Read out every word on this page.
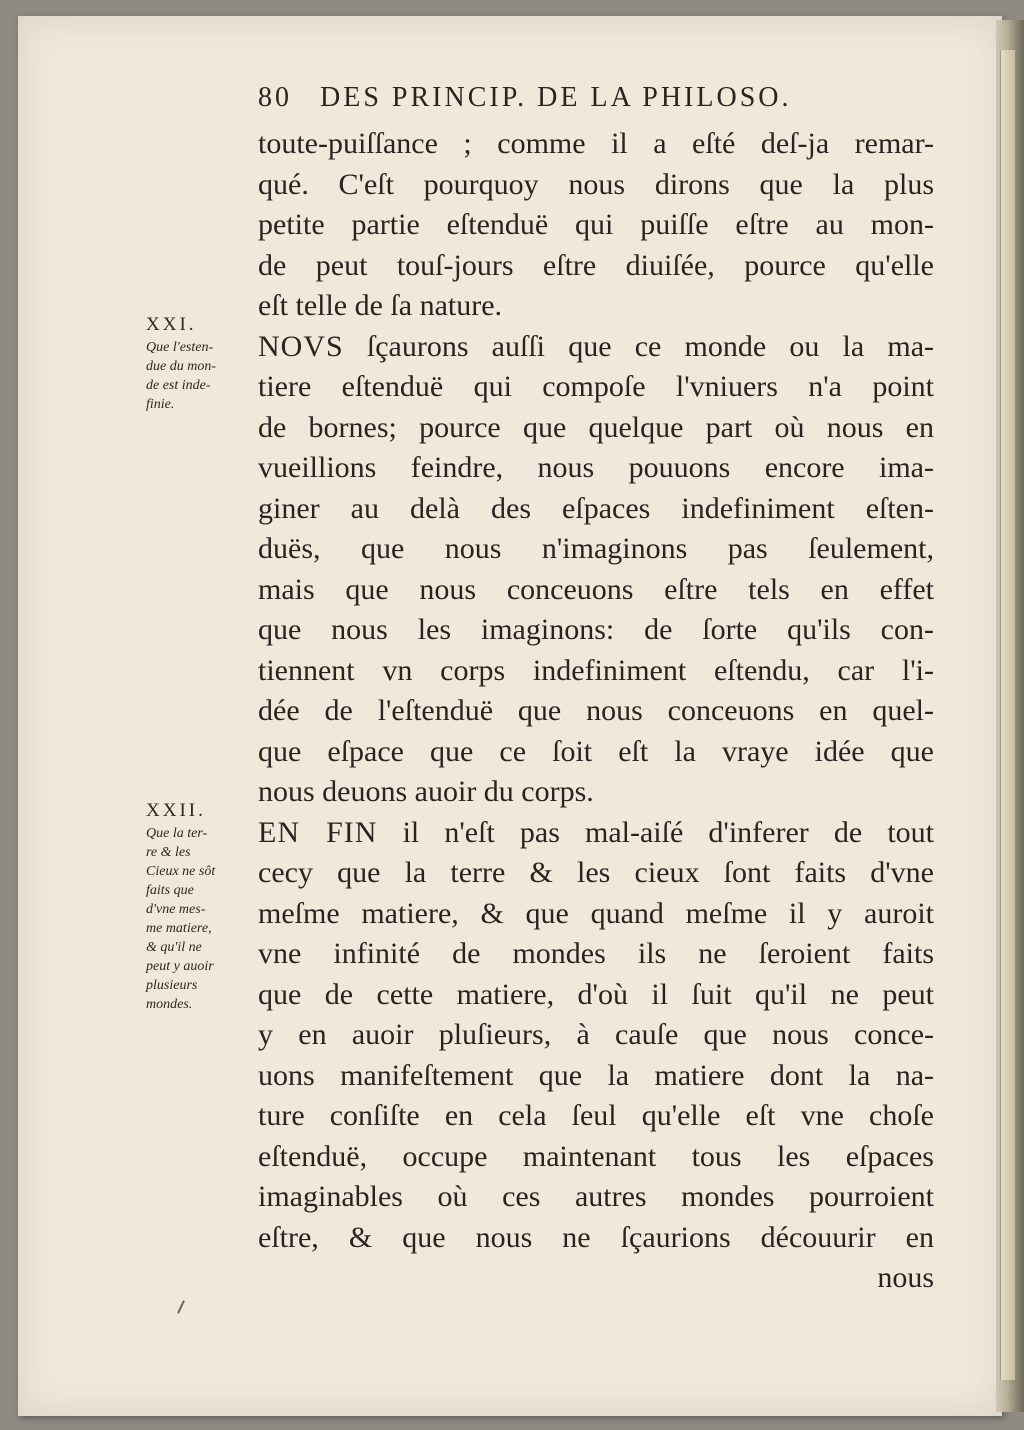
80 DES PRINCIP. DE LA PHILOSO.
XXI.
Que l'esten-
due du mon-
de est inde-
finie.
XXII.
Que la ter-
re & les
Cieux ne sôt
faits que
d'vne mes-
me matiere,
& qu'il ne
peut y auoir
plusieurs
mondes.
toute-puiſſance ; comme il a eſté deſ-ja remar-
qué. C'eſt pourquoy nous dirons que la plus
petite partie eſtenduë qui puiſſe eſtre au mon-
de peut touſ-jours eſtre diuiſée, pource qu'elle
eſt telle de ſa nature.
NOVS ſçaurons auſſi que ce monde ou la ma-
tiere eſtenduë qui compoſe l'vniuers n'a point
de bornes; pource que quelque part où nous en
vueillions feindre, nous pouuons encore ima-
giner au delà des eſpaces indefiniment eſten-
duës, que nous n'imaginons pas ſeulement,
mais que nous conceuons eſtre tels en effet
que nous les imaginons: de ſorte qu'ils con-
tiennent vn corps indefiniment eſtendu, car l'i-
dée de l'eſtenduë que nous conceuons en quel-
que eſpace que ce ſoit eſt la vraye idée que
nous deuons auoir du corps.
EN FIN il n'eſt pas mal-aiſé d'inferer de tout
cecy que la terre & les cieux ſont faits d'vne
meſme matiere, & que quand meſme il y auroit
vne infinité de mondes ils ne ſeroient faits
que de cette matiere, d'où il ſuit qu'il ne peut
y en auoir pluſieurs, à cauſe que nous conce-
uons manifeſtement que la matiere dont la na-
ture conſiſte en cela ſeul qu'elle eſt vne choſe
eſtenduë, occupe maintenant tous les eſpaces
imaginables où ces autres mondes pourroient
eſtre, & que nous ne ſçaurions découurir en
nous
